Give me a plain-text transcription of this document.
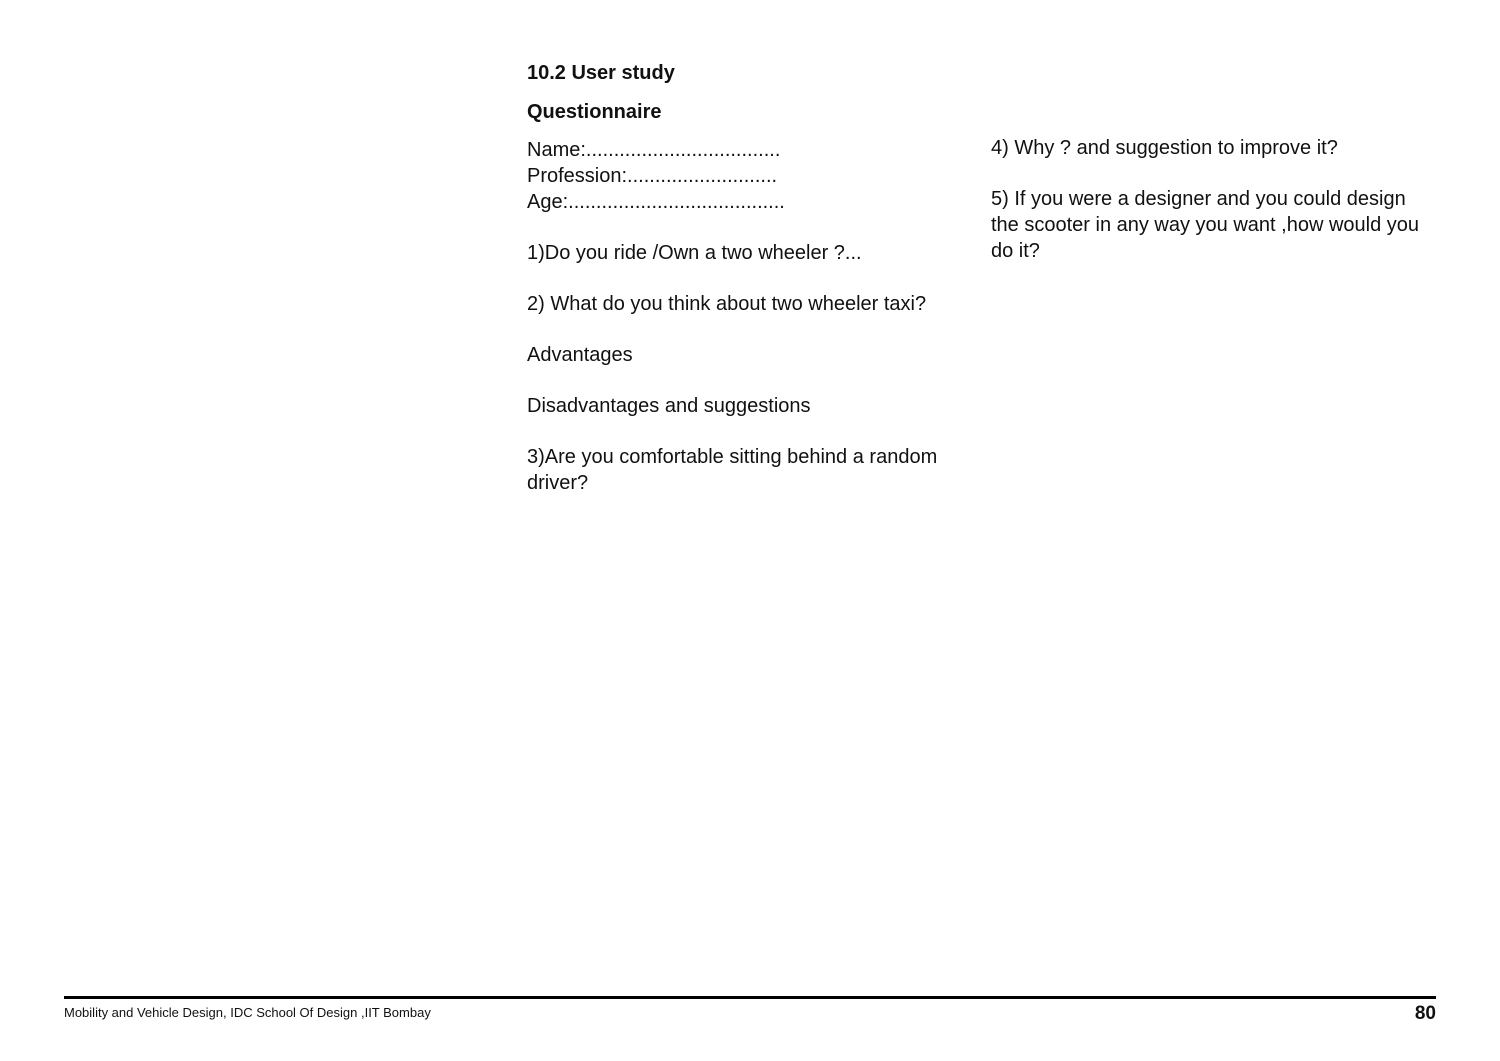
10.2 User study
Questionnaire
Name:...................................
Profession:...........................
Age:.......................................

1)Do you ride /Own a two wheeler ?...

2) What do you think about two wheeler taxi?

Advantages

Disadvantages and suggestions

3)Are you comfortable sitting behind a random driver?

4) Why ? and suggestion to improve it?

5) If you were a designer and you could design the scooter in any way you want ,how would you do it?

Mobility and Vehicle Design, IDC School Of Design ,IIT Bombay	80
